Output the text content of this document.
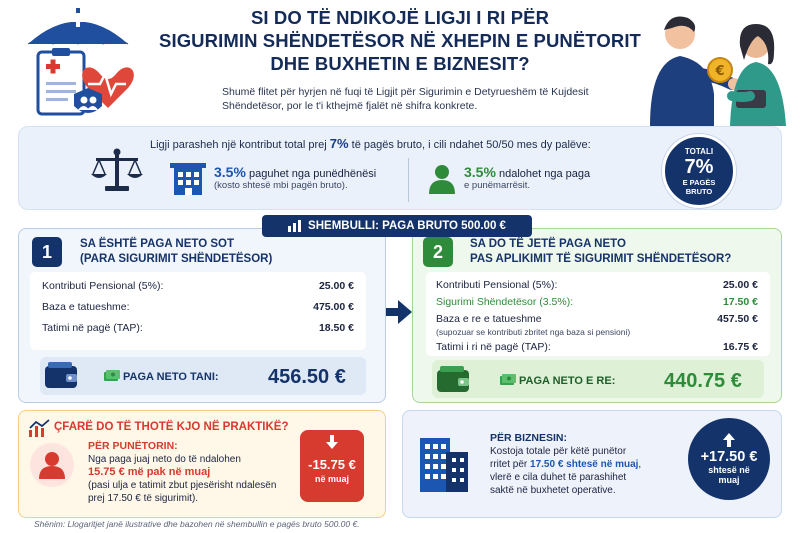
SI DO TË NDIKOJË LIGJI I RI PËR
SIGURIMIN SHËNDETËSOR NË XHEPIN E PUNËTORIT
DHE BUXHETIN E BIZNESIT?	€
Shumë flitet për hyrjen në fuqi të Ligjit për Sigurimin e Detyrueshëm të Kujdesit Shëndetësor, por le t'i kthejmë fjalët në shifra konkrete.
Ligji parasheh një kontribut total prej 7% të pagës bruto, i cili ndahet 50/50 mes dy palëve:
3.5% paguhet nga punëdhënësi
(kosto shtesë mbi pagën bruto).
3.5% ndalohet nga paga
e punëmarrësit.
TOTALI
7%
E PAGËS
BRUTO
1	SA ËSHTË PAGA NETO SOT
(PARA SIGURIMIT SHËNDETËSOR)
Kontributi Pensional (5%):	25.00 €
Baza e tatueshme:	475.00 €
Tatimi në pagë (TAP):	18.50 €
PAGA NETO TANI: 456.50 €
2	SA DO TË JETË PAGA NETO
PAS APLIKIMIT TË SIGURIMIT SHËNDETËSOR?
Kontributi Pensional (5%):	25.00 €
Sigurimi Shëndetësor (3.5%):	17.50 €
Baza e re e tatueshme	457.50 €
(supozuar se kontributi zbritet nga baza si pensioni)
Tatimi i ri në pagë (TAP):	16.75 €
PAGA NETO E RE: 440.75 €
SHEMBULLI: PAGA BRUTO 500.00 €
ÇFARË DO TË THOTË KJO NË PRAKTIKË?
PËR PUNËTORIN:
Nga paga juaj neto do të ndalohen
15.75 € më pak në muaj
(pasi ulja e tatimit zbut pjesërisht ndalesën
prej 17.50 € të sigurimit).
-15.75 €
në muaj
PËR BIZNESIN:
Kostoja totale për këtë punëtor
rritet për 17.50 € shtesë në muaj,
vlerë e cila duhet të parashihet
saktë në buxhetet operative.
+17.50 €
shtesë në
muaj
Shënim: Llogaritjet janë ilustrative dhe bazohen në shembullin e pagës bruto 500.00 €.
